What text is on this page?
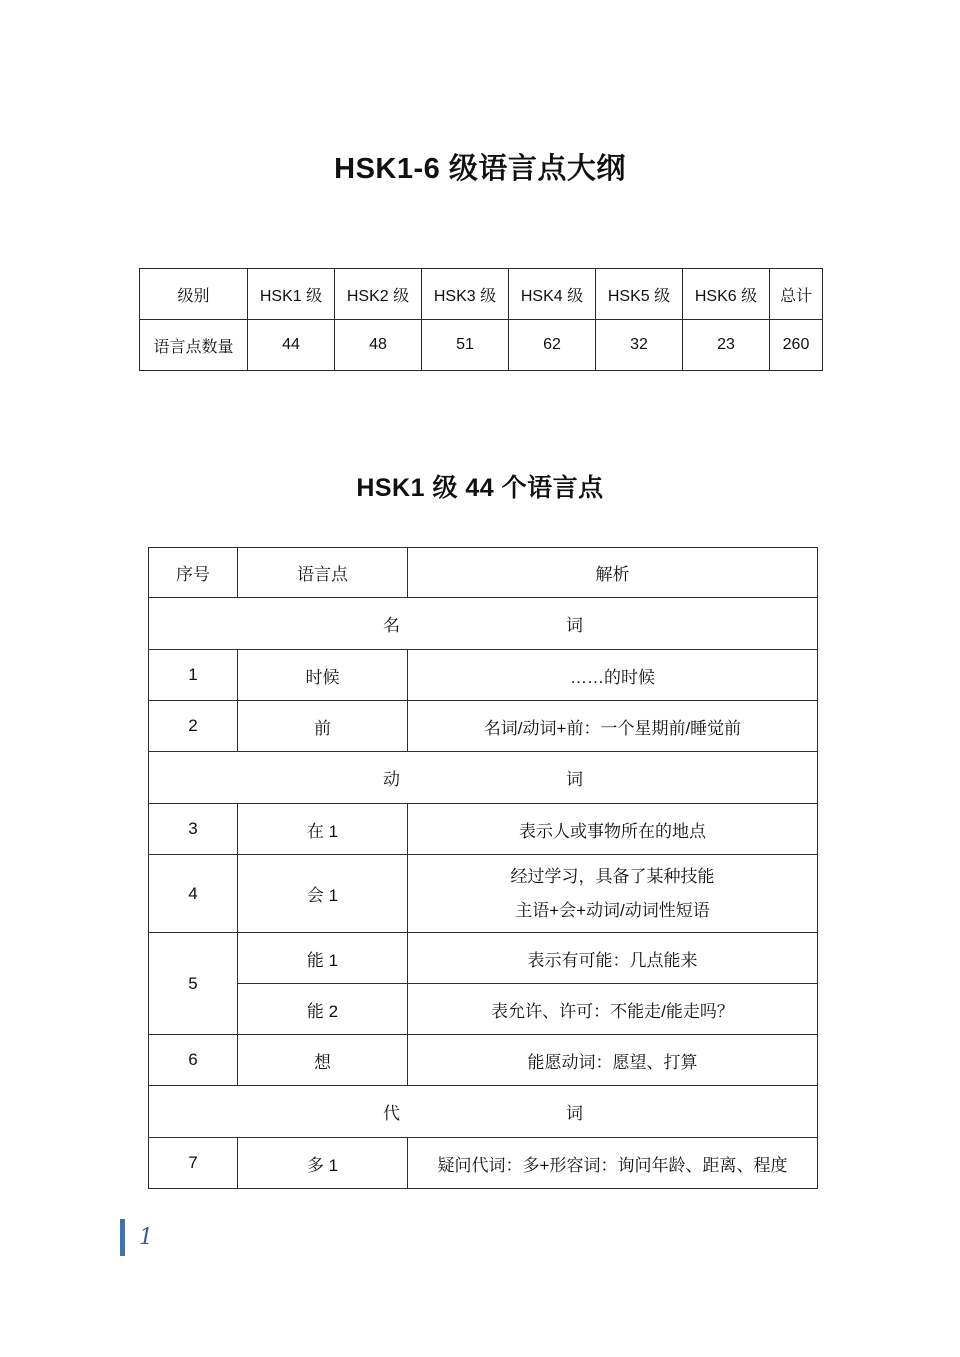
HSK1-6 级语言点大纲
级别	HSK1 级	HSK2 级	HSK3 级	HSK4 级	HSK5 级	HSK6 级	总计
语言点数量	44	48	51	62	32	23	260
HSK1 级 44 个语言点
序号	语言点	解析
名词		
1	时候	……的时候
2	前	名词/动词+前：一个星期前/睡觉前
动词		
3	在 1	表示人或事物所在的地点
4	会 1	经过学习，具备了某种技能
主语+会+动词/动词性短语

5	能 1	表示有可能：几点能来
	能 2	表允许、许可：不能走/能走吗？
6	想	能愿动词：愿望、打算
代词		
7	多 1	疑问代词：多+形容词：询问年龄、距离、程度
1
